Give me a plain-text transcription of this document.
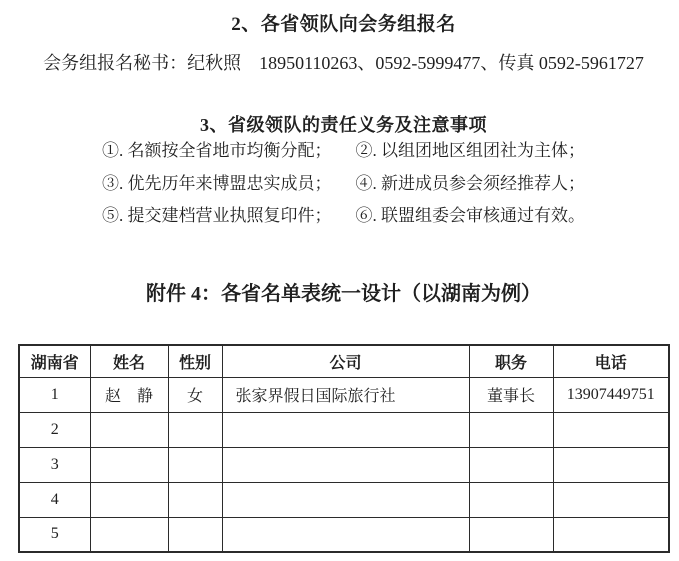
2、各省领队向会务组报名
会务组报名秘书：纪秋照　18950110263、0592-5999477、传真 0592-5961727
3、省级领队的责任义务及注意事项
①. 名额按全省地市均衡分配； ②. 以组团地区组团社为主体；
③. 优先历年来博盟忠实成员； ④. 新进成员参会须经推荐人；
⑤. 提交建档营业执照复印件； ⑥. 联盟组委会审核通过有效。
附件 4：各省名单表统一设计（以湖南为例）
湖南省	姓名	性别	公司	职务	电话
1	赵　静	女	张家界假日国际旅行社	董事长	13907449751
2					
3					
4					
5					
